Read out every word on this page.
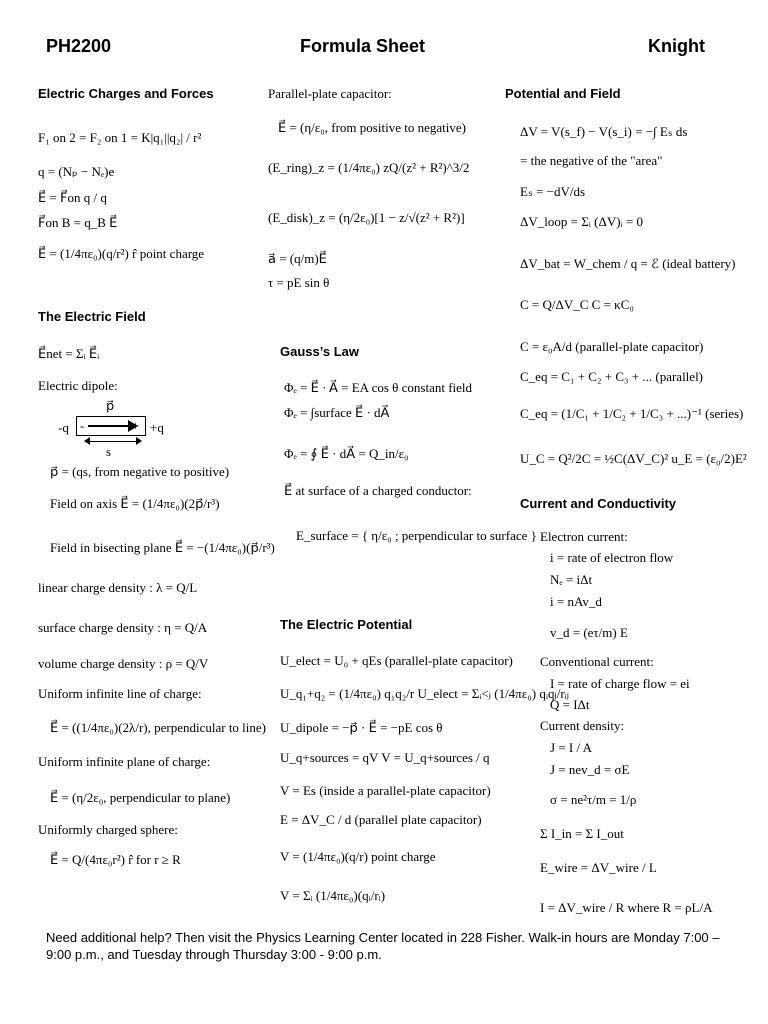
PH2200	Formula Sheet	Knight
Electric Charges and Forces
F₁ on 2 = F₂ on 1 = K|q₁||q₂| / r²
q = (Nₚ − Nₑ)e
E⃗ = F⃗on q / q
F⃗on B = q_B E⃗
E⃗ = (1/4πε₀)(q/r²) r̂ point charge
The Electric Field
E⃗net = Σᵢ E⃗ᵢ
Electric dipole:
p⃗
-q -	+ +q
s
p⃗ = (qs, from negative to positive)
Field on axis E⃗ = (1/4πε₀)(2p⃗/r³)
Field in bisecting plane E⃗ = −(1/4πε₀)(p⃗/r³)
linear charge density : λ = Q/L
surface charge density : η = Q/A
volume charge density : ρ = Q/V
Uniform infinite line of charge:
E⃗ = ((1/4πε₀)(2λ/r), perpendicular to line)
Uniform infinite plane of charge:
E⃗ = (η/2ε₀, perpendicular to plane)
Uniformly charged sphere:
E⃗ = Q/(4πε₀r²) r̂ for r ≥ R
Parallel-plate capacitor:
E⃗ = (η/ε₀, from positive to negative)
(E_ring)_z = (1/4πε₀) zQ/(z² + R²)^3/2
(E_disk)_z = (η/2ε₀)[1 − z/√(z² + R²)]
a⃗ = (q/m)E⃗
τ = pE sin θ
Gauss’s Law
Φₑ = E⃗ · A⃗ = EA cos θ constant field
Φₑ = ∫surface E⃗ · dA⃗
Φₑ = ∮ E⃗ · dA⃗ = Q_in/ε₀
E⃗ at surface of a charged conductor:
E_surface = { η/ε₀ ; perpendicular to surface }
The Electric Potential
U_elect = U₀ + qEs (parallel-plate capacitor)
U_q₁+q₂ = (1/4πε₀) q₁q₂/r U_elect = Σᵢ<ⱼ (1/4πε₀) qᵢqⱼ/rᵢⱼ
U_dipole = −p⃗ · E⃗ = −pE cos θ
U_q+sources = qV V = U_q+sources / q
V = Es (inside a parallel-plate capacitor)
E = ΔV_C / d (parallel plate capacitor)
V = (1/4πε₀)(q/r) point charge
V = Σᵢ (1/4πε₀)(qᵢ/rᵢ)
Potential and Field
ΔV = V(s_f) − V(s_i) = −∫ Eₛ ds
= the negative of the "area"
Eₛ = −dV/ds
ΔV_loop = Σᵢ (ΔV)ᵢ = 0
ΔV_bat = W_chem / q = ℰ (ideal battery)
C = Q/ΔV_C C = κC₀
C = ε₀A/d (parallel-plate capacitor)
C_eq = C₁ + C₂ + C₃ + ... (parallel)
C_eq = (1/C₁ + 1/C₂ + 1/C₃ + ...)⁻¹ (series)
U_C = Q²/2C = ½C(ΔV_C)² u_E = (ε₀/2)E²
Current and Conductivity
Electron current:
i = rate of electron flow
Nₑ = iΔt
i = nAv_d
v_d = (eτ/m) E
Conventional current:
I = rate of charge flow = ei
Q = IΔt
Current density:
J = I / A
J = nev_d = σE
σ = ne²τ/m = 1/ρ
Σ I_in = Σ I_out
E_wire = ΔV_wire / L
I = ΔV_wire / R where R = ρL/A
Need additional help? Then visit the Physics Learning Center located in 228 Fisher. Walk-in hours are Monday 7:00 – 9:00 p.m., and Tuesday through Thursday 3:00 - 9:00 p.m.
